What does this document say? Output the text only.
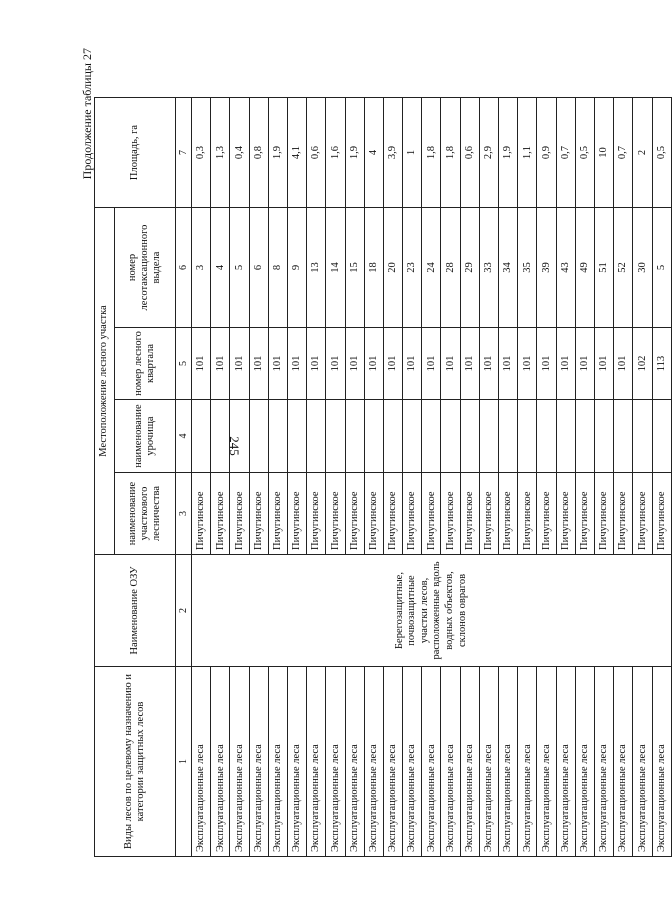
245
Продолжение таблицы 27
Виды лесов по целевому назначению и категории защитных лесов	Наименование ОЗУ	Местоположение лесного участка				Площадь, га
		наименование участкового лесничества	наименование урочища	номер лесного квартала	номер лесотаксационного выдела	
1	2	3	4	5	6	7
Эксплуатационные леса	Берегозащитные, почвозащитные участки лесов, расположенные вдоль водных объектов, склонов оврагов	Пичугинское		101	3	0,3
Эксплуатационные леса		Пичугинское		101	4	1,3
Эксплуатационные леса		Пичугинское		101	5	0,4
Эксплуатационные леса		Пичугинское		101	6	0,8
Эксплуатационные леса		Пичугинское		101	8	1,9
Эксплуатационные леса		Пичугинское		101	9	4,1
Эксплуатационные леса		Пичугинское		101	13	0,6
Эксплуатационные леса		Пичугинское		101	14	1,6
Эксплуатационные леса		Пичугинское		101	15	1,9
Эксплуатационные леса		Пичугинское		101	18	4
Эксплуатационные леса		Пичугинское		101	20	3,9
Эксплуатационные леса		Пичугинское		101	23	1
Эксплуатационные леса		Пичугинское		101	24	1,8
Эксплуатационные леса		Пичугинское		101	28	1,8
Эксплуатационные леса		Пичугинское		101	29	0,6
Эксплуатационные леса		Пичугинское		101	33	2,9
Эксплуатационные леса		Пичугинское		101	34	1,9
Эксплуатационные леса		Пичугинское		101	35	1,1
Эксплуатационные леса		Пичугинское		101	39	0,9
Эксплуатационные леса		Пичугинское		101	43	0,7
Эксплуатационные леса		Пичугинское		101	49	0,5
Эксплуатационные леса		Пичугинское		101	51	10
Эксплуатационные леса		Пичугинское		101	52	0,7
Эксплуатационные леса		Пичугинское		102	30	2
Эксплуатационные леса		Пичугинское		113	5	0,5
